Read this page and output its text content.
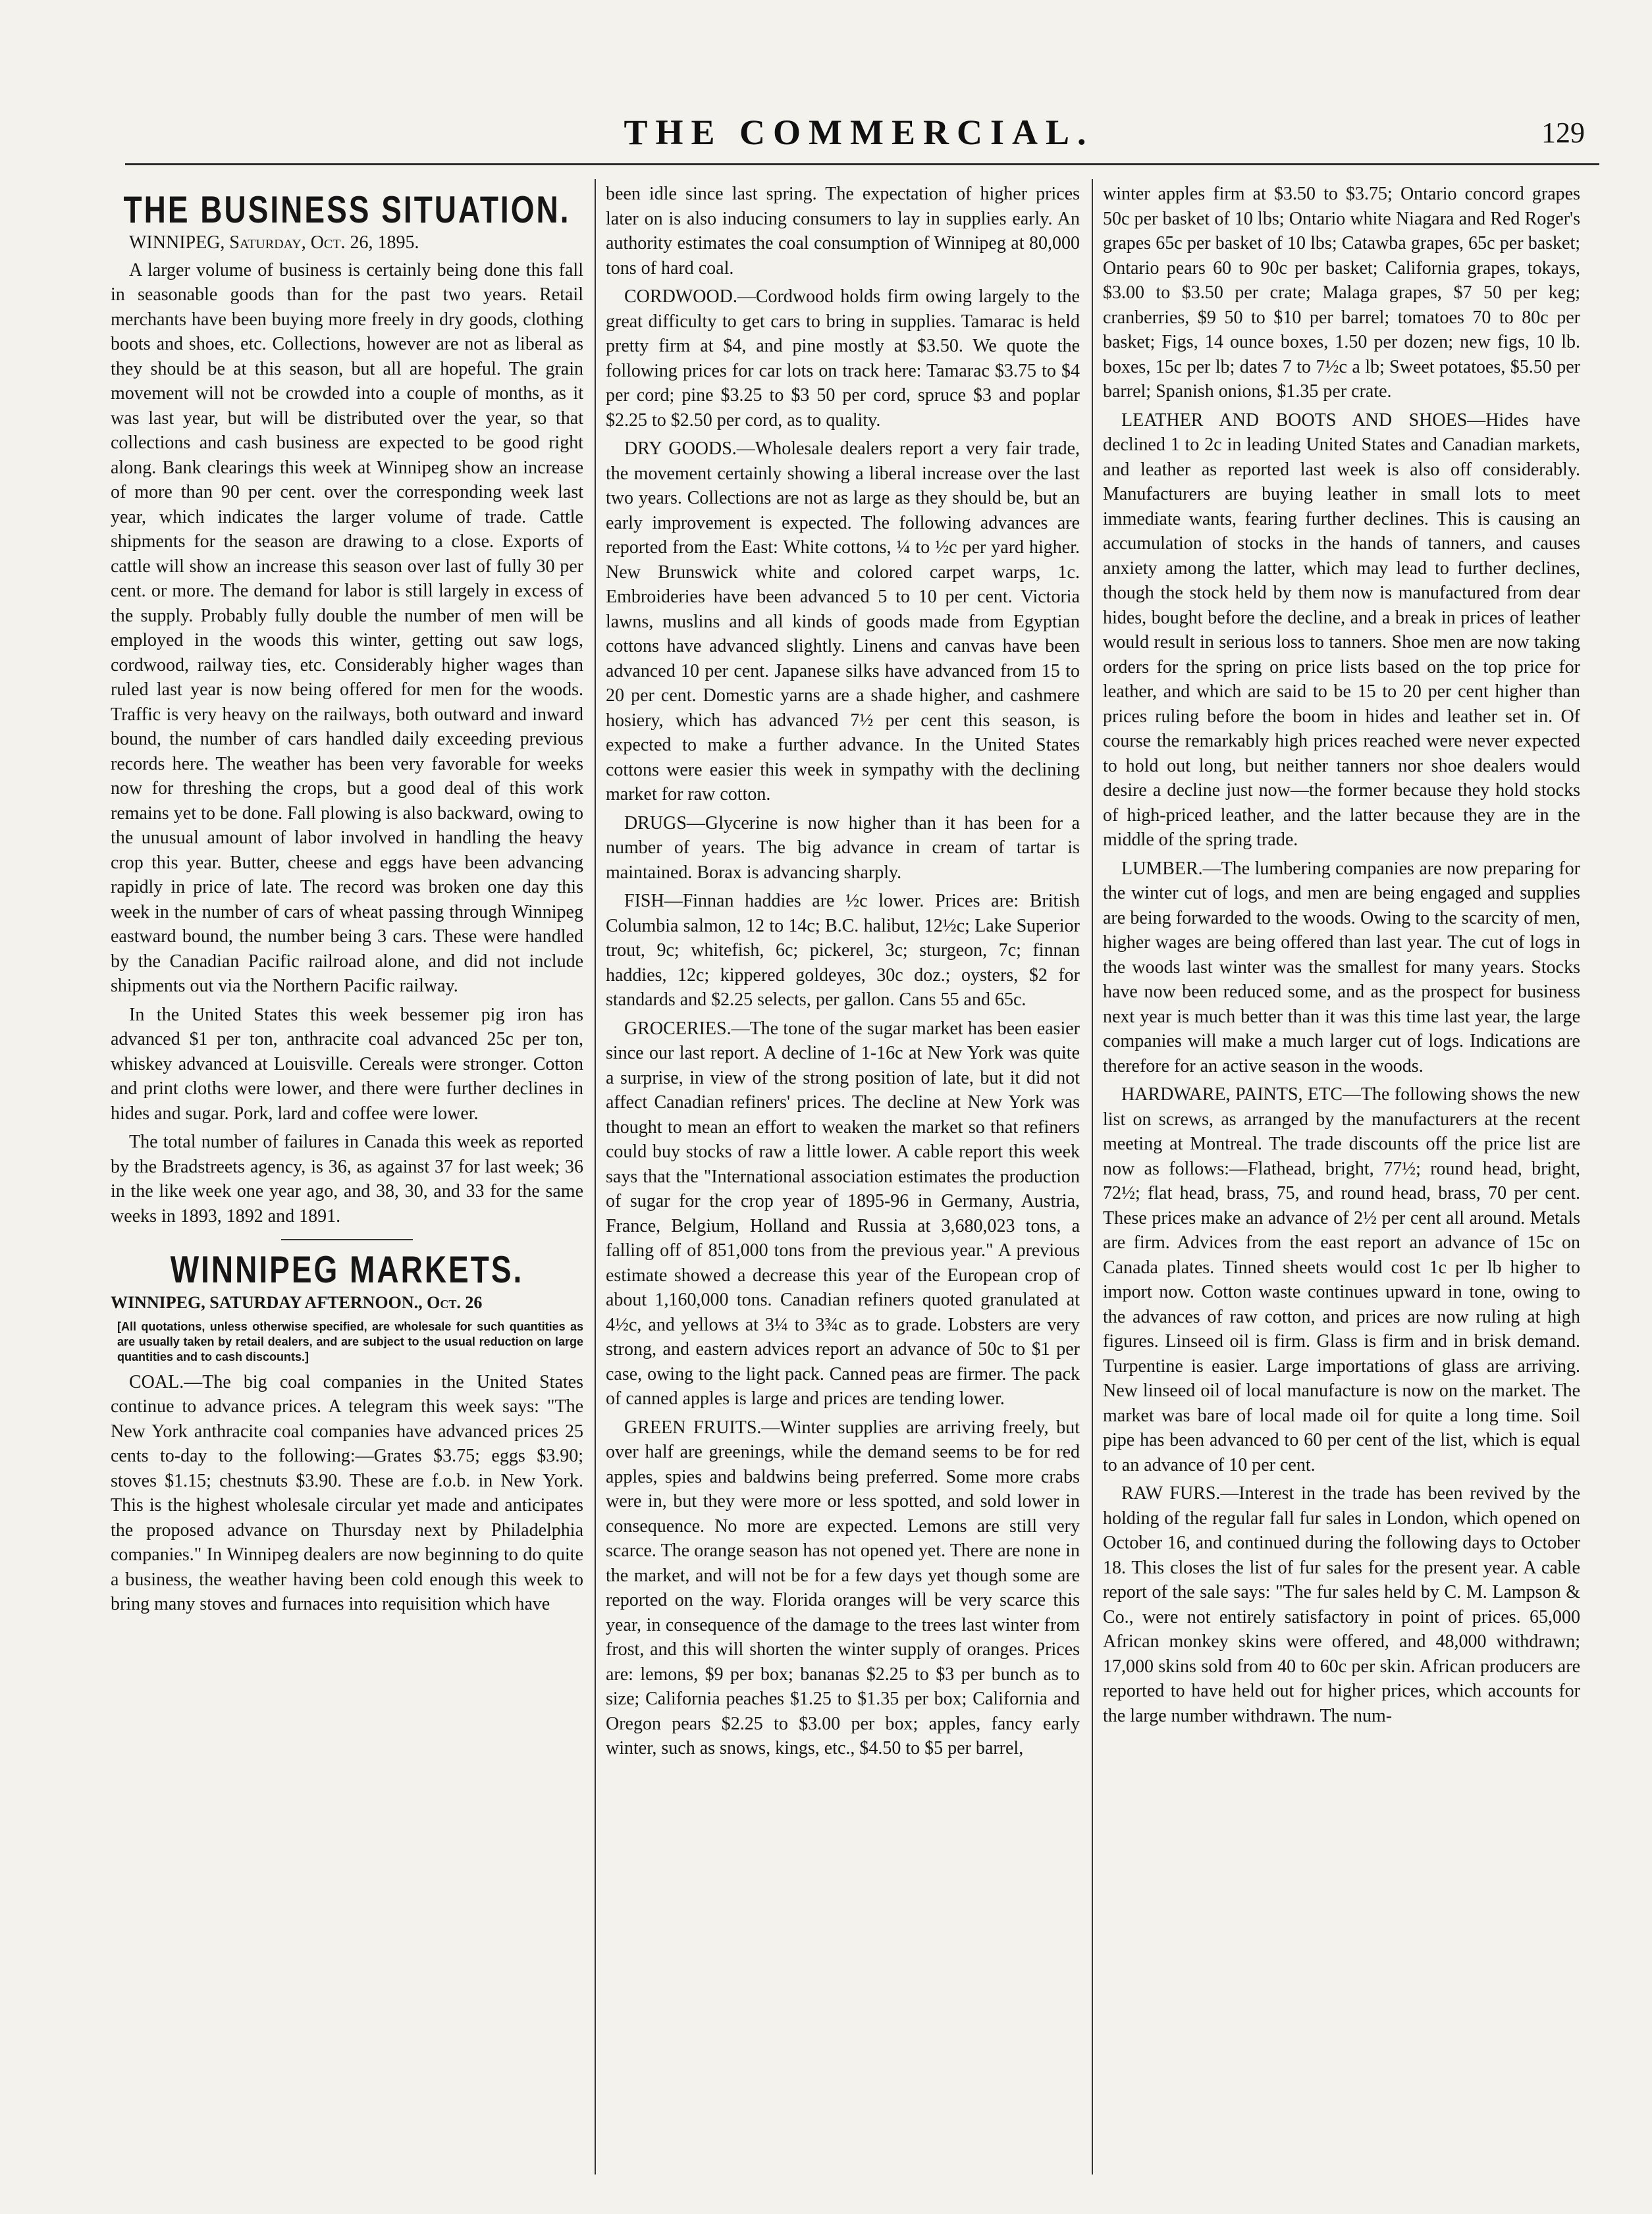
THE COMMERCIAL.	129
THE BUSINESS SITUATION.

WINNIPEG, Saturday, Oct. 26, 1895.

A larger volume of business is certainly being done this fall in seasonable goods than for the past two years. Retail merchants have been buying more freely in dry goods, clothing boots and shoes, etc. Collections, however are not as liberal as they should be at this season, but all are hopeful. The grain movement will not be crowded into a couple of months, as it was last year, but will be distributed over the year, so that collections and cash business are expected to be good right along. Bank clearings this week at Winnipeg show an increase of more than 90 per cent. over the corresponding week last year, which indicates the larger volume of trade. Cattle shipments for the season are drawing to a close. Exports of cattle will show an increase this season over last of fully 30 per cent. or more. The demand for labor is still largely in excess of the supply. Probably fully double the number of men will be employed in the woods this winter, getting out saw logs, cordwood, railway ties, etc. Considerably higher wages than ruled last year is now being offered for men for the woods. Traffic is very heavy on the railways, both outward and inward bound, the number of cars handled daily exceeding previous records here. The weather has been very favorable for weeks now for threshing the crops, but a good deal of this work remains yet to be done. Fall plowing is also backward, owing to the unusual amount of labor involved in handling the heavy crop this year. Butter, cheese and eggs have been advancing rapidly in price of late. The record was broken one day this week in the number of cars of wheat passing through Winnipeg eastward bound, the number being 3 cars. These were handled by the Canadian Pacific railroad alone, and did not include shipments out via the Northern Pacific railway.

In the United States this week bessemer pig iron has advanced $1 per ton, anthracite coal advanced 25c per ton, whiskey advanced at Louisville. Cereals were stronger. Cotton and print cloths were lower, and there were further declines in hides and sugar. Pork, lard and coffee were lower.

The total number of failures in Canada this week as reported by the Bradstreets agency, is 36, as against 37 for last week; 36 in the like week one year ago, and 38, 30, and 33 for the same weeks in 1893, 1892 and 1891.

WINNIPEG MARKETS.

WINNIPEG, SATURDAY AFTERNOON., Oct. 26

[All quotations, unless otherwise specified, are wholesale for such quantities as are usually taken by retail dealers, and are subject to the usual reduction on large quantities and to cash discounts.]

COAL.—The big coal companies in the United States continue to advance prices. A telegram this week says: "The New York anthracite coal companies have advanced prices 25 cents to-day to the following:—Grates $3.75; eggs $3.90; stoves $1.15; chestnuts $3.90. These are f.o.b. in New York. This is the highest wholesale circular yet made and anticipates the proposed advance on Thursday next by Philadelphia companies." In Winnipeg dealers are now beginning to do quite a business, the weather having been cold enough this week to bring many stoves and furnaces into requisition which have

been idle since last spring. The expectation of higher prices later on is also inducing consumers to lay in supplies early. An authority estimates the coal consumption of Winnipeg at 80,000 tons of hard coal.

CORDWOOD.—Cordwood holds firm owing largely to the great difficulty to get cars to bring in supplies. Tamarac is held pretty firm at $4, and pine mostly at $3.50. We quote the following prices for car lots on track here: Tamarac $3.75 to $4 per cord; pine $3.25 to $3 50 per cord, spruce $3 and poplar $2.25 to $2.50 per cord, as to quality.

DRY GOODS.—Wholesale dealers report a very fair trade, the movement certainly showing a liberal increase over the last two years. Collections are not as large as they should be, but an early improvement is expected. The following advances are reported from the East: White cottons, ¼ to ½c per yard higher. New Brunswick white and colored carpet warps, 1c. Embroideries have been advanced 5 to 10 per cent. Victoria lawns, muslins and all kinds of goods made from Egyptian cottons have advanced slightly. Linens and canvas have been advanced 10 per cent. Japanese silks have advanced from 15 to 20 per cent. Domestic yarns are a shade higher, and cashmere hosiery, which has advanced 7½ per cent this season, is expected to make a further advance. In the United States cottons were easier this week in sympathy with the declining market for raw cotton.

DRUGS—Glycerine is now higher than it has been for a number of years. The big advance in cream of tartar is maintained. Borax is advancing sharply.

FISH—Finnan haddies are ½c lower. Prices are: British Columbia salmon, 12 to 14c; B.C. halibut, 12½c; Lake Superior trout, 9c; whitefish, 6c; pickerel, 3c; sturgeon, 7c; finnan haddies, 12c; kippered goldeyes, 30c doz.; oysters, $2 for standards and $2.25 selects, per gallon. Cans 55 and 65c.

GROCERIES.—The tone of the sugar market has been easier since our last report. A decline of 1-16c at New York was quite a surprise, in view of the strong position of late, but it did not affect Canadian refiners' prices. The decline at New York was thought to mean an effort to weaken the market so that refiners could buy stocks of raw a little lower. A cable report this week says that the "International association estimates the production of sugar for the crop year of 1895-96 in Germany, Austria, France, Belgium, Holland and Russia at 3,680,023 tons, a falling off of 851,000 tons from the previous year." A previous estimate showed a decrease this year of the European crop of about 1,160,000 tons. Canadian refiners quoted granulated at 4½c, and yellows at 3¼ to 3¾c as to grade. Lobsters are very strong, and eastern advices report an advance of 50c to $1 per case, owing to the light pack. Canned peas are firmer. The pack of canned apples is large and prices are tending lower.

GREEN FRUITS.—Winter supplies are arriving freely, but over half are greenings, while the demand seems to be for red apples, spies and baldwins being preferred. Some more crabs were in, but they were more or less spotted, and sold lower in consequence. No more are expected. Lemons are still very scarce. The orange season has not opened yet. There are none in the market, and will not be for a few days yet though some are reported on the way. Florida oranges will be very scarce this year, in consequence of the damage to the trees last winter from frost, and this will shorten the winter supply of oranges. Prices are: lemons, $9 per box; bananas $2.25 to $3 per bunch as to size; California peaches $1.25 to $1.35 per box; California and Oregon pears $2.25 to $3.00 per box; apples, fancy early winter, such as snows, kings, etc., $4.50 to $5 per barrel,

winter apples firm at $3.50 to $3.75; Ontario concord grapes 50c per basket of 10 lbs; Ontario white Niagara and Red Roger's grapes 65c per basket of 10 lbs; Catawba grapes, 65c per basket; Ontario pears 60 to 90c per basket; California grapes, tokays, $3.00 to $3.50 per crate; Malaga grapes, $7 50 per keg; cranberries, $9 50 to $10 per barrel; tomatoes 70 to 80c per basket; Figs, 14 ounce boxes, 1.50 per dozen; new figs, 10 lb. boxes, 15c per lb; dates 7 to 7½c a lb; Sweet potatoes, $5.50 per barrel; Spanish onions, $1.35 per crate.

LEATHER AND BOOTS AND SHOES—Hides have declined 1 to 2c in leading United States and Canadian markets, and leather as reported last week is also off considerably. Manufacturers are buying leather in small lots to meet immediate wants, fearing further declines. This is causing an accumulation of stocks in the hands of tanners, and causes anxiety among the latter, which may lead to further declines, though the stock held by them now is manufactured from dear hides, bought before the decline, and a break in prices of leather would result in serious loss to tanners. Shoe men are now taking orders for the spring on price lists based on the top price for leather, and which are said to be 15 to 20 per cent higher than prices ruling before the boom in hides and leather set in. Of course the remarkably high prices reached were never expected to hold out long, but neither tanners nor shoe dealers would desire a decline just now—the former because they hold stocks of high-priced leather, and the latter because they are in the middle of the spring trade.

LUMBER.—The lumbering companies are now preparing for the winter cut of logs, and men are being engaged and supplies are being forwarded to the woods. Owing to the scarcity of men, higher wages are being offered than last year. The cut of logs in the woods last winter was the smallest for many years. Stocks have now been reduced some, and as the prospect for business next year is much better than it was this time last year, the large companies will make a much larger cut of logs. Indications are therefore for an active season in the woods.

HARDWARE, PAINTS, ETC—The following shows the new list on screws, as arranged by the manufacturers at the recent meeting at Montreal. The trade discounts off the price list are now as follows:—Flathead, bright, 77½; round head, bright, 72½; flat head, brass, 75, and round head, brass, 70 per cent. These prices make an advance of 2½ per cent all around. Metals are firm. Advices from the east report an advance of 15c on Canada plates. Tinned sheets would cost 1c per lb higher to import now. Cotton waste continues upward in tone, owing to the advances of raw cotton, and prices are now ruling at high figures. Linseed oil is firm. Glass is firm and in brisk demand. Turpentine is easier. Large importations of glass are arriving. New linseed oil of local manufacture is now on the market. The market was bare of local made oil for quite a long time. Soil pipe has been advanced to 60 per cent of the list, which is equal to an advance of 10 per cent.

RAW FURS.—Interest in the trade has been revived by the holding of the regular fall fur sales in London, which opened on October 16, and continued during the following days to October 18. This closes the list of fur sales for the present year. A cable report of the sale says: "The fur sales held by C. M. Lampson & Co., were not entirely satisfactory in point of prices. 65,000 African monkey skins were offered, and 48,000 withdrawn; 17,000 skins sold from 40 to 60c per skin. African producers are reported to have held out for higher prices, which accounts for the large number withdrawn. The num-
